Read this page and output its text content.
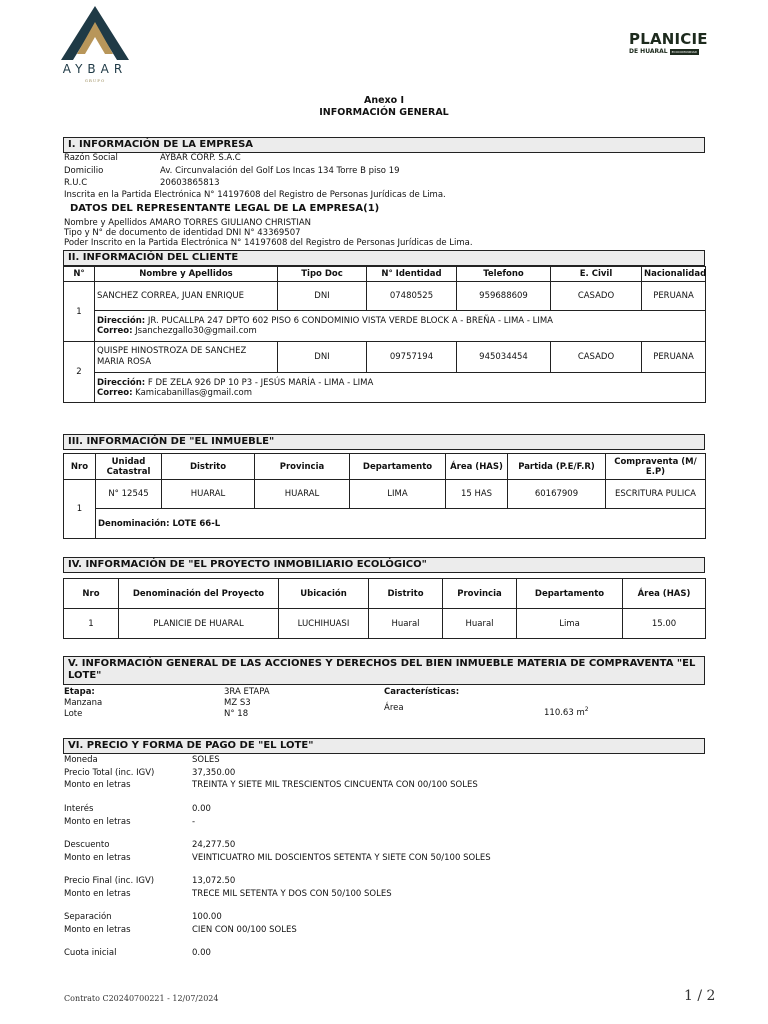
AYBAR
GRUPO
PLANICIE
DE HUARAL	ECOCOMUNIDAD
Anexo I
INFORMACIÓN GENERAL
I. INFORMACIÓN DE LA EMPRESA
Razón Social	AYBAR CORP. S.A.C
Domicilio	Av. Circunvalación del Golf Los Incas 134 Torre B piso 19
R.U.C	20603865813
Inscrita en la Partida Electrónica N° 14197608 del Registro de Personas Jurídicas de Lima.
DATOS DEL REPRESENTANTE LEGAL DE LA EMPRESA(1)
Nombre y Apellidos AMARO TORRES GIULIANO CHRISTIAN
Tipo y N° de documento de identidad DNI N° 43369507
Poder Inscrito en la Partida Electrónica N° 14197608 del Registro de Personas Jurídicas de Lima.
II. INFORMACIÓN DEL CLIENTE
N°	Nombre y Apellidos	Tipo Doc	N° Identidad	Telefono	E. Civil	Nacionalidad
1	SANCHEZ CORREA, JUAN ENRIQUE	DNI	07480525	959688609	CASADO	PERUANA
	Dirección: JR. PUCALLPA 247 DPTO 602 PISO 6 CONDOMINIO VISTA VERDE BLOCK A - BREÑA - LIMA - LIMA
Correo: Jsanchezgallo30@gmail.com					
2	QUISPE HINOSTROZA DE SANCHEZ MARIA ROSA	DNI	09757194	945034454	CASADO	PERUANA
	Dirección: F DE ZELA 926 DP 10 P3 - JESÚS MARÍA - LIMA - LIMA
Correo: Kamicabanillas@gmail.com					
III. INFORMACIÓN DE "EL INMUEBLE"
Nro	Unidad Catastral	Distrito	Provincia	Departamento	Área (HAS)	Partida (P.E/F.R)	Compraventa (M/ E.P)
1	N° 12545	HUARAL	HUARAL	LIMA	15 HAS	60167909	ESCRITURA PULICA
	Denominación: LOTE 66-L						
IV. INFORMACIÓN DE "EL PROYECTO INMOBILIARIO ECOLÓGICO"
Nro	Denominación del Proyecto	Ubicación	Distrito	Provincia	Departamento	Área (HAS)
1	PLANICIE DE HUARAL	LUCHIHUASI	Huaral	Huaral	Lima	15.00
V. INFORMACIÓN GENERAL DE LAS ACCIONES Y DERECHOS DEL BIEN INMUEBLE MATERIA DE COMPRAVENTA "EL
LOTE"
Etapa:	3RA ETAPA	Características:
Manzana	MZ S3	Área	110.63 $m^2$
Lote	N° 18
VI. PRECIO Y FORMA DE PAGO DE "EL LOTE"
Moneda	SOLES
Precio Total (inc. IGV)	37,350.00
Monto en letras	TREINTA Y SIETE MIL TRESCIENTOS CINCUENTA CON 00/100 SOLES
Interés	0.00
Monto en letras	-
Descuento	24,277.50
Monto en letras	VEINTICUATRO MIL DOSCIENTOS SETENTA Y SIETE CON 50/100 SOLES
Precio Final (inc. IGV)	13,072.50
Monto en letras	TRECE MIL SETENTA Y DOS CON 50/100 SOLES
Separación	100.00
Monto en letras	CIEN CON 00/100 SOLES
Cuota inicial	0.00
Contrato C20240700221 - 12/07/2024	1 / 2
